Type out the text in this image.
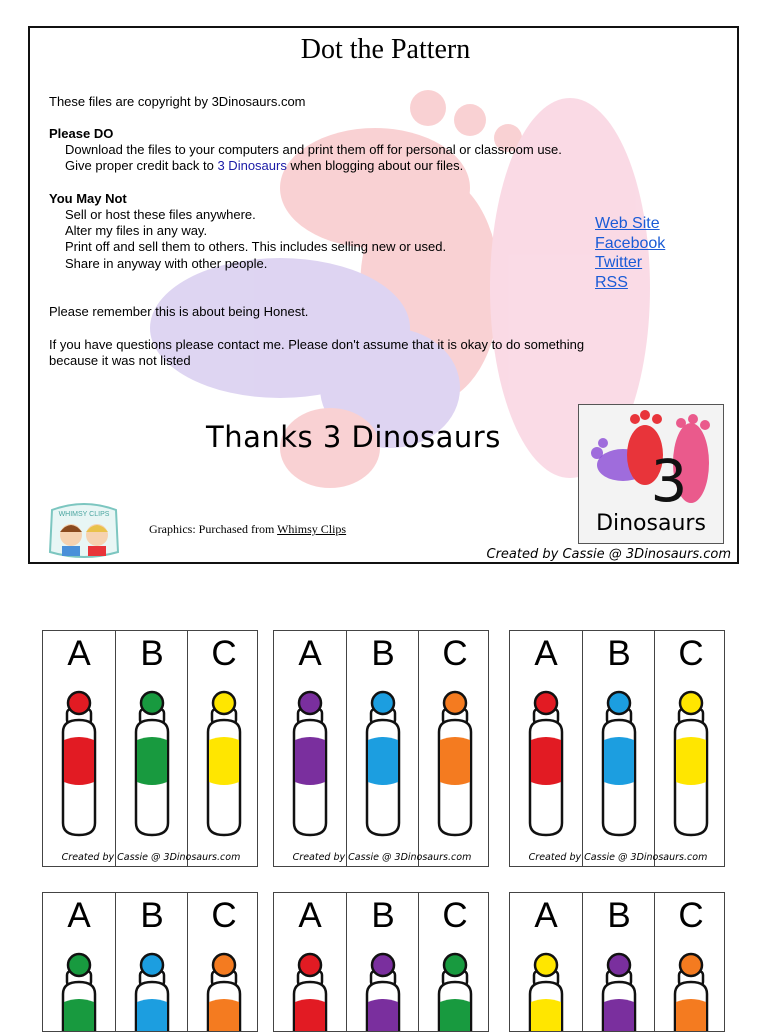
Dot the Pattern
These files are copyright by 3Dinosaurs.com
Please DO
Download the files to your computers and print them off for personal or classroom use.
Give proper credit back to 3 Dinosaurs when blogging about our files.
You May Not
Sell or host these files anywhere.
Alter my files in any way.
Print off and sell them to others. This includes selling new or used.
Share in anyway with other people.
Please remember this is about being Honest.
If you have questions please contact me. Please don't assume that it is okay to do something
because it was not listed
Web Site
Facebook
Twitter
RSS
Thanks 3 Dinosaurs
3
Dinosaurs
WHIMSY CLIPS
Graphics: Purchased from Whimsy Clips
Created by Cassie @ 3Dinosaurs.com
A	B	C
Created by Cassie @ 3Dinosaurs.com
A	B	C
Created by Cassie @ 3Dinosaurs.com
A	B	C
Created by Cassie @ 3Dinosaurs.com
A	B	C	A	B	C	A	B	C
